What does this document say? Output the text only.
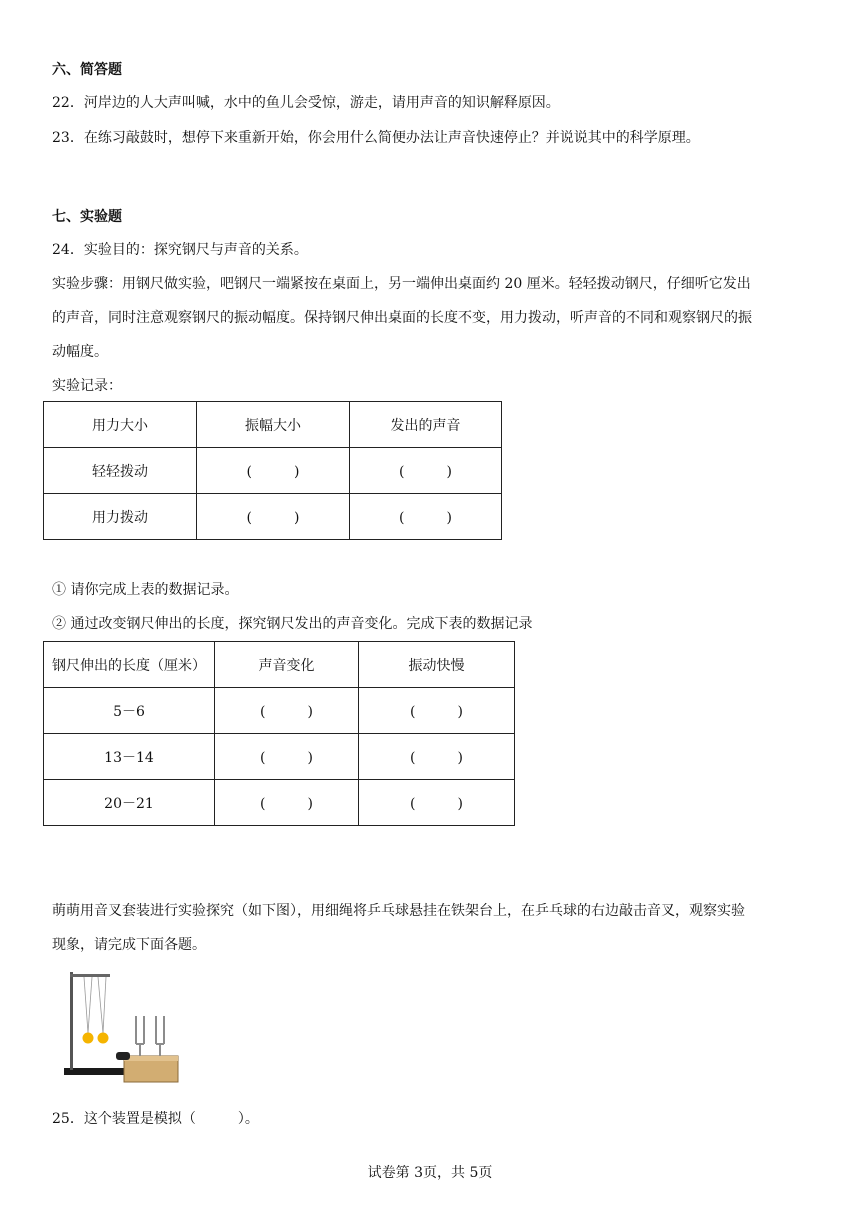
六、简答题
22．河岸边的人大声叫喊，水中的鱼儿会受惊，游走，请用声音的知识解释原因。
23．在练习敲鼓时，想停下来重新开始，你会用什么简便办法让声音快速停止？并说说其中的科学原理。
七、实验题
24．实验目的：探究钢尺与声音的关系。
实验步骤：用钢尺做实验，吧钢尺一端紧按在桌面上，另一端伸出桌面约 20 厘米。轻轻拨动钢尺，仔细听它发出
的声音，同时注意观察钢尺的振动幅度。保持钢尺伸出桌面的长度不变，用力拨动，听声音的不同和观察钢尺的振
动幅度。
实验记录：
用力大小	振幅大小	发出的声音
轻轻拨动	(　　　)	(　　　)
用力拨动	(　　　)	(　　　)
① 请你完成上表的数据记录。
② 通过改变钢尺伸出的长度，探究钢尺发出的声音变化。完成下表的数据记录
钢尺伸出的长度（厘米）	声音变化	振动快慢
5－6	(　　　)	(　　　)
13－14	(　　　)	(　　　)
20－21	(　　　)	(　　　)
萌萌用音叉套装进行实验探究（如下图），用细绳将乒乓球悬挂在铁架台上，在乒乓球的右边敲击音叉，观察实验
现象，请完成下面各题。
25．这个装置是模拟（　　　）。
试卷第 3页，共 5页
